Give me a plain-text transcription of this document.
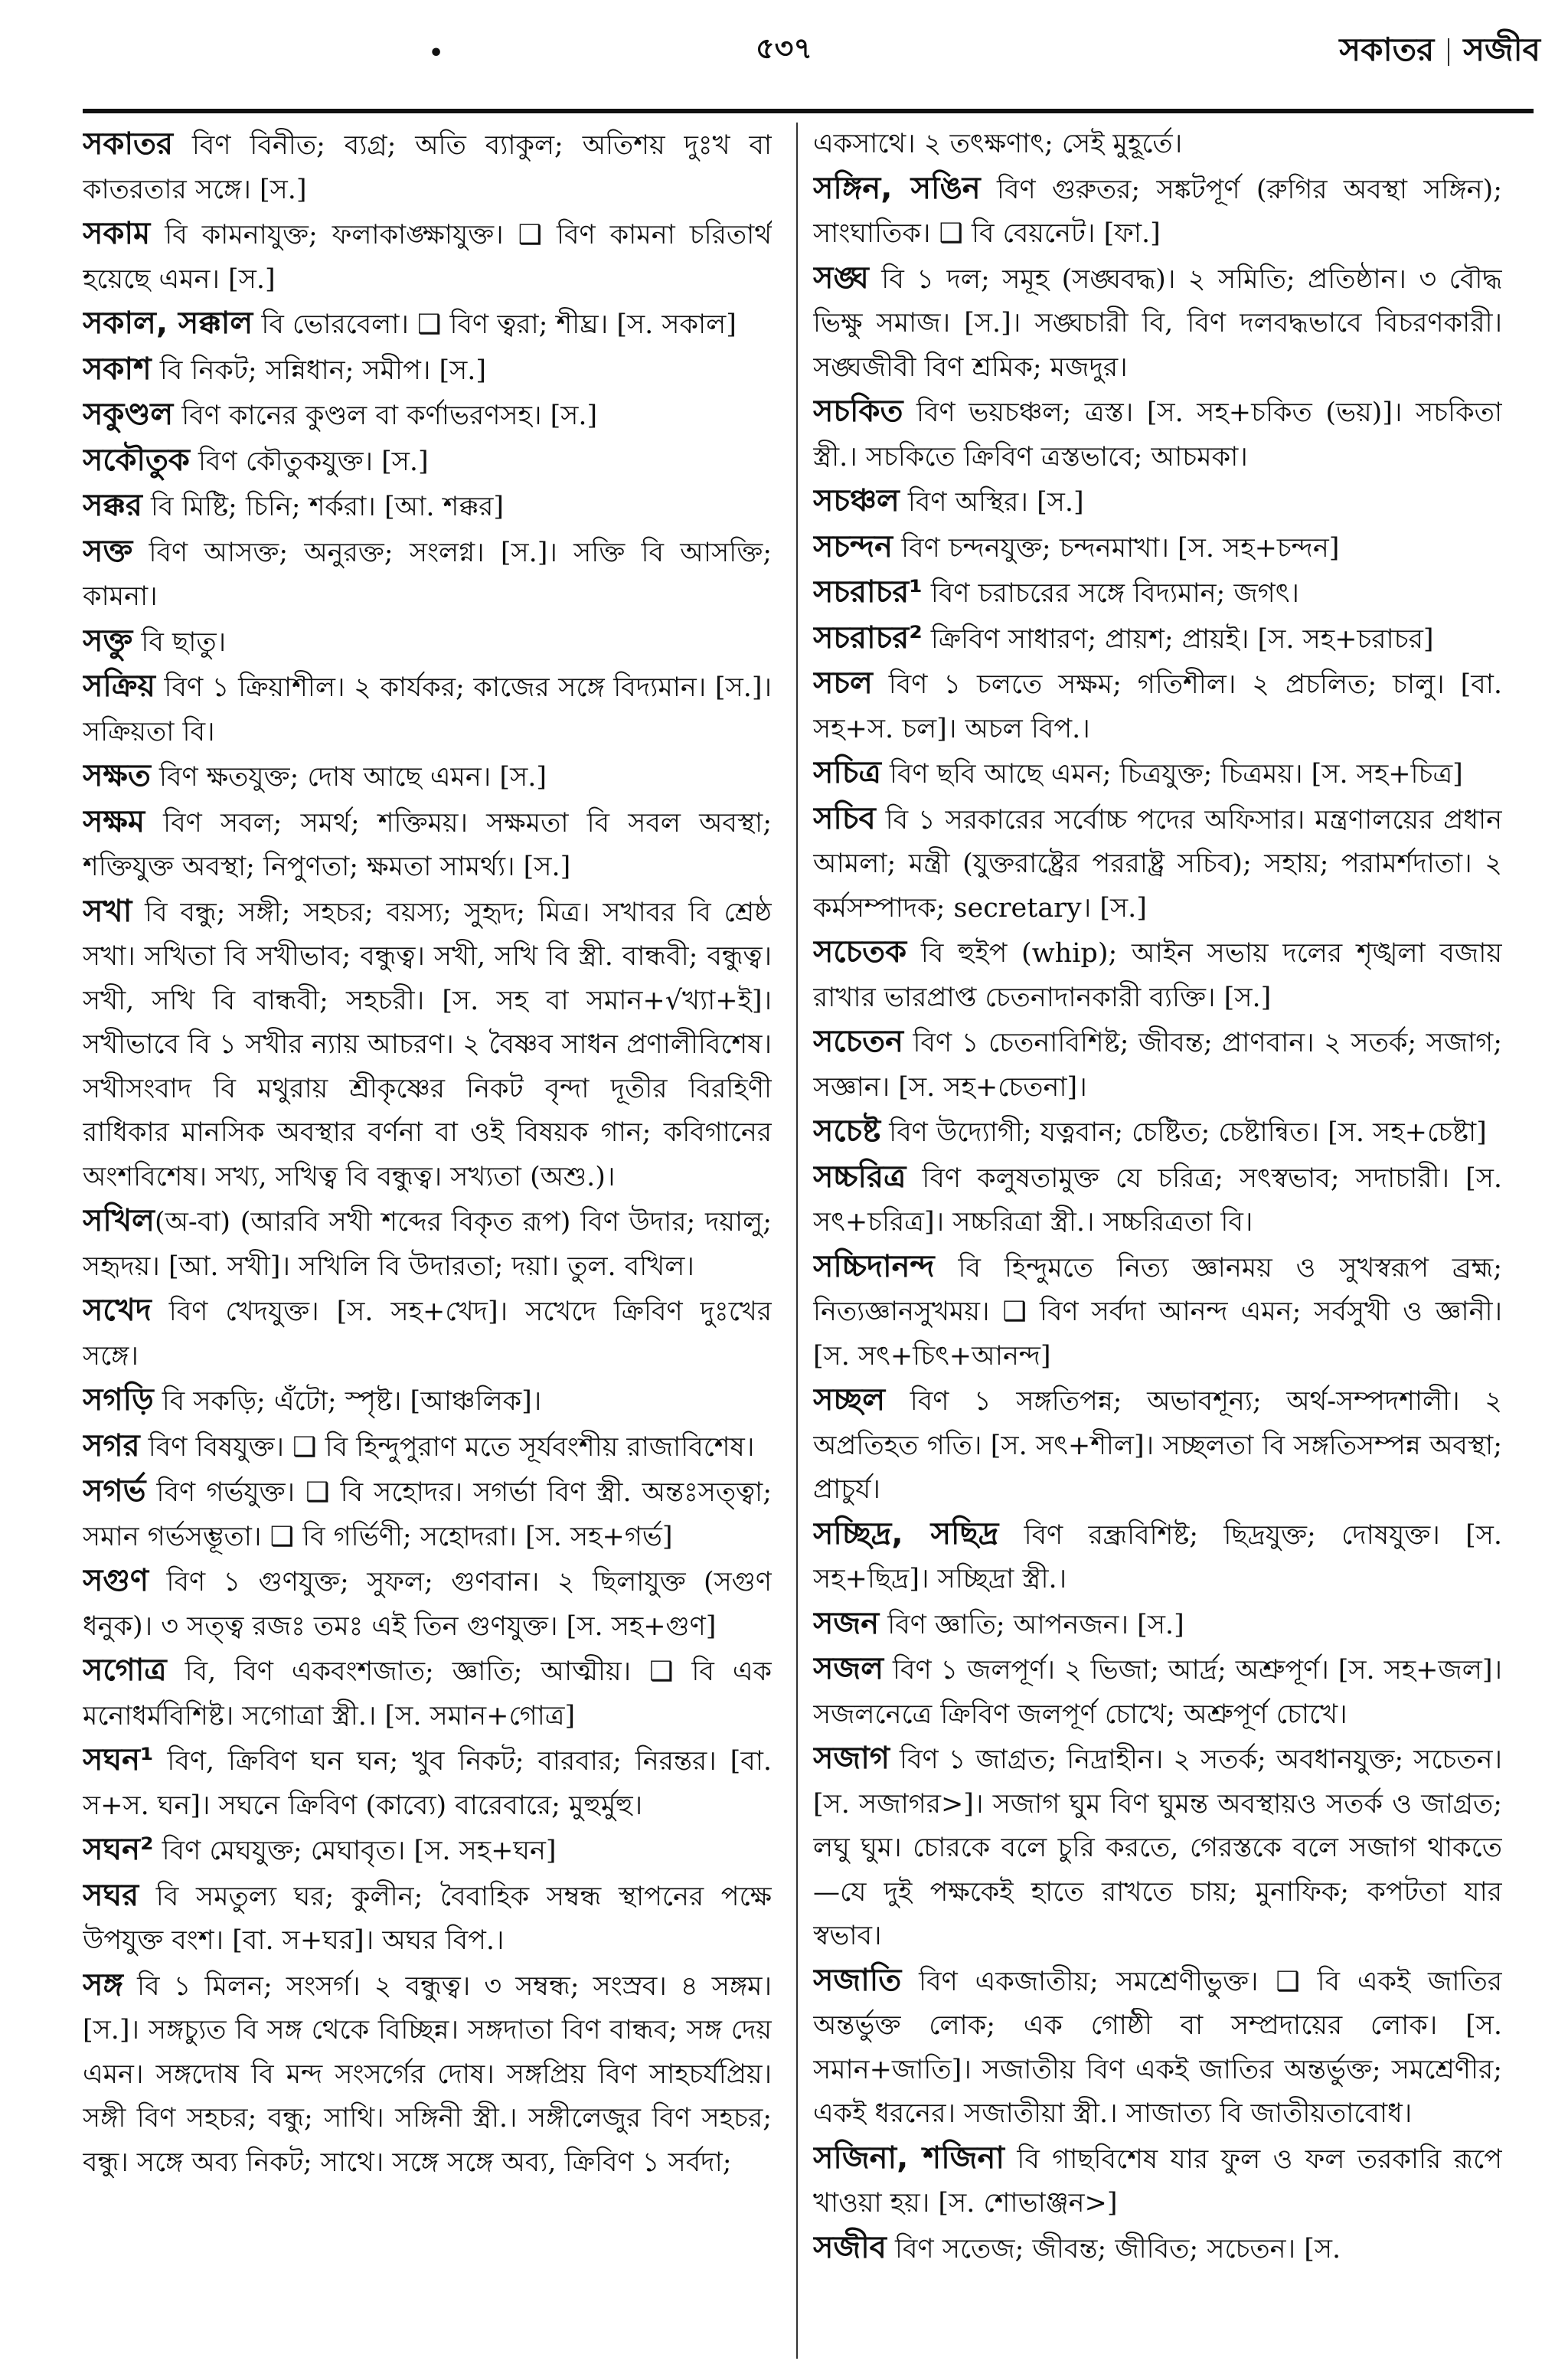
•	৫৩৭	সকাতর সজীব

সকাতর বিণ বিনীত; ব্যগ্র; অতি ব্যাকুল; অতিশয় দুঃখ বা কাতরতার সঙ্গে। [স.]

সকাম বি কামনাযুক্ত; ফলাকাঙ্ক্ষাযুক্ত। ❑ বিণ কামনা চরিতার্থ হয়েছে এমন। [স.]

সকাল, সক্কাল বি ভোরবেলা। ❑ বিণ ত্বরা; শীঘ্র। [স. সকাল]

সকাশ বি নিকট; সন্নিধান; সমীপ। [স.]

সকুণ্ডল বিণ কানের কুণ্ডল বা কর্ণাভরণসহ। [স.]

সকৌতুক বিণ কৌতুকযুক্ত। [স.]

সক্কর বি মিষ্টি; চিনি; শর্করা। [আ. শক্কর]

সক্ত বিণ আসক্ত; অনুরক্ত; সংলগ্ন। [স.]। সক্তি বি আসক্তি; কামনা।

সক্তু বি ছাতু।

সক্রিয় বিণ ১ ক্রিয়াশীল। ২ কার্যকর; কাজের সঙ্গে বিদ্যমান। [স.]। সক্রিয়তা বি।

সক্ষত বিণ ক্ষতযুক্ত; দোষ আছে এমন। [স.]

সক্ষম বিণ সবল; সমর্থ; শক্তিময়। সক্ষমতা বি সবল অবস্থা; শক্তিযুক্ত অবস্থা; নিপুণতা; ক্ষমতা সামর্থ্য। [স.]

সখা বি বন্ধু; সঙ্গী; সহচর; বয়স্য; সুহৃদ; মিত্র। সখাবর বি শ্রেষ্ঠ সখা। সখিতা বি সখীভাব; বন্ধুত্ব। সখী, সখি বি স্ত্রী. বান্ধবী; বন্ধুত্ব। সখী, সখি বি বান্ধবী; সহচরী। [স. সহ বা সমান+√খ্যা+ই]। সখীভাবে বি ১ সখীর ন্যায় আচরণ। ২ বৈষ্ণব সাধন প্রণালীবিশেষ। সখীসংবাদ বি মথুরায় শ্রীকৃষ্ণের নিকট বৃন্দা দূতীর বিরহিণী রাধিকার মানসিক অবস্থার বর্ণনা বা ওই বিষয়ক গান; কবিগানের অংশবিশেষ। সখ্য, সখিত্ব বি বন্ধুত্ব। সখ্যতা (অশু.)।

সখিল(অ-বা) (আরবি সখী শব্দের বিকৃত রূপ) বিণ উদার; দয়ালু; সহৃদয়। [আ. সখী]। সখিলি বি উদারতা; দয়া। তুল. বখিল।

সখেদ বিণ খেদযুক্ত। [স. সহ+খেদ]। সখেদে ক্রিবিণ দুঃখের সঙ্গে।

সগড়ি বি সকড়ি; এঁটো; স্পৃষ্ট। [আঞ্চলিক]।

সগর বিণ বিষযুক্ত। ❑ বি হিন্দুপুরাণ মতে সূর্যবংশীয় রাজাবিশেষ।

সগর্ভ বিণ গর্ভযুক্ত। ❑ বি সহোদর। সগর্ভা বিণ স্ত্রী. অন্তঃসত্ত্বা; সমান গর্ভসম্ভূতা। ❑ বি গর্ভিণী; সহোদরা। [স. সহ+গর্ভ]

সগুণ বিণ ১ গুণযুক্ত; সুফল; গুণবান। ২ ছিলাযুক্ত (সগুণ ধনুক)। ৩ সত্ত্ব রজঃ তমঃ এই তিন গুণযুক্ত। [স. সহ+গুণ]

সগোত্র বি, বিণ একবংশজাত; জ্ঞাতি; আত্মীয়। ❑ বি এক মনোধর্মবিশিষ্ট। সগোত্রা স্ত্রী.। [স. সমান+গোত্র]

সঘন¹ বিণ, ক্রিবিণ ঘন ঘন; খুব নিকট; বারবার; নিরন্তর। [বা. স+স. ঘন]। সঘনে ক্রিবিণ (কাব্যে) বারেবারে; মুহুর্মুহু।

সঘন² বিণ মেঘযুক্ত; মেঘাবৃত। [স. সহ+ঘন]

সঘর বি সমতুল্য ঘর; কুলীন; বৈবাহিক সম্বন্ধ স্থাপনের পক্ষে উপযুক্ত বংশ। [বা. স+ঘর]। অঘর বিপ.।

সঙ্গ বি ১ মিলন; সংসর্গ। ২ বন্ধুত্ব। ৩ সম্বন্ধ; সংস্রব। ৪ সঙ্গম। [স.]। সঙ্গচ্যুত বি সঙ্গ থেকে বিচ্ছিন্ন। সঙ্গদাতা বিণ বান্ধব; সঙ্গ দেয় এমন। সঙ্গদোষ বি মন্দ সংসর্গের দোষ। সঙ্গপ্রিয় বিণ সাহচর্যপ্রিয়। সঙ্গী বিণ সহচর; বন্ধু; সাথি। সঙ্গিনী স্ত্রী.। সঙ্গীলেজুর বিণ সহচর; বন্ধু। সঙ্গে অব্য নিকট; সাথে। সঙ্গে সঙ্গে অব্য, ক্রিবিণ ১ সর্বদা;

একসাথে। ২ তৎক্ষণাৎ; সেই মুহূর্তে।

সঙ্গিন, সঙিন বিণ গুরুতর; সঙ্কটপূর্ণ (রুগির অবস্থা সঙ্গিন); সাংঘাতিক। ❑ বি বেয়নেট। [ফা.]

সঙ্ঘ বি ১ দল; সমূহ (সঙ্ঘবদ্ধ)। ২ সমিতি; প্রতিষ্ঠান। ৩ বৌদ্ধ ভিক্ষু সমাজ। [স.]। সঙ্ঘচারী বি, বিণ দলবদ্ধভাবে বিচরণকারী। সঙ্ঘজীবী বিণ শ্রমিক; মজদুর।

সচকিত বিণ ভয়চঞ্চল; ত্রস্ত। [স. সহ+চকিত (ভয়)]। সচকিতা স্ত্রী.। সচকিতে ক্রিবিণ ত্রস্তভাবে; আচমকা।

সচঞ্চল বিণ অস্থির। [স.]

সচন্দন বিণ চন্দনযুক্ত; চন্দনমাখা। [স. সহ+চন্দন]

সচরাচর¹ বিণ চরাচরের সঙ্গে বিদ্যমান; জগৎ।

সচরাচর² ক্রিবিণ সাধারণ; প্রায়শ; প্রায়ই। [স. সহ+চরাচর]

সচল বিণ ১ চলতে সক্ষম; গতিশীল। ২ প্রচলিত; চালু। [বা. সহ+স. চল]। অচল বিপ.।

সচিত্র বিণ ছবি আছে এমন; চিত্রযুক্ত; চিত্রময়। [স. সহ+চিত্র]

সচিব বি ১ সরকারের সর্বোচ্চ পদের অফিসার। মন্ত্রণালয়ের প্রধান আমলা; মন্ত্রী (যুক্তরাষ্ট্রের পররাষ্ট্র সচিব); সহায়; পরামর্শদাতা। ২ কর্মসম্পাদক; secretary। [স.]

সচেতক বি হুইপ (whip); আইন সভায় দলের শৃঙ্খলা বজায় রাখার ভারপ্রাপ্ত চেতনাদানকারী ব্যক্তি। [স.]

সচেতন বিণ ১ চেতনাবিশিষ্ট; জীবন্ত; প্রাণবান। ২ সতর্ক; সজাগ; সজ্ঞান। [স. সহ+চেতনা]।

সচেষ্ট বিণ উদ্যোগী; যত্নবান; চেষ্টিত; চেষ্টান্বিত। [স. সহ+চেষ্টা]

সচ্চরিত্র বিণ কলুষতামুক্ত যে চরিত্র; সৎস্বভাব; সদাচারী। [স. সৎ+চরিত্র]। সচ্চরিত্রা স্ত্রী.। সচ্চরিত্রতা বি।

সচ্চিদানন্দ বি হিন্দুমতে নিত্য জ্ঞানময় ও সুখস্বরূপ ব্রহ্ম; নিত্যজ্ঞানসুখময়। ❑ বিণ সর্বদা আনন্দ এমন; সর্বসুখী ও জ্ঞানী। [স. সৎ+চিৎ+আনন্দ]

সচ্ছল বিণ ১ সঙ্গতিপন্ন; অভাবশূন্য; অর্থ-সম্পদশালী। ২ অপ্রতিহত গতি। [স. সৎ+শীল]। সচ্ছলতা বি সঙ্গতিসম্পন্ন অবস্থা; প্রাচুর্য।

সচ্ছিদ্র, সছিদ্র বিণ রন্ধ্রবিশিষ্ট; ছিদ্রযুক্ত; দোষযুক্ত। [স. সহ+ছিদ্র]। সচ্ছিদ্রা স্ত্রী.।

সজন বিণ জ্ঞাতি; আপনজন। [স.]

সজল বিণ ১ জলপূর্ণ। ২ ভিজা; আর্দ্র; অশ্রুপূর্ণ। [স. সহ+জল]। সজলনেত্রে ক্রিবিণ জলপূর্ণ চোখে; অশ্রুপূর্ণ চোখে।

সজাগ বিণ ১ জাগ্রত; নিদ্রাহীন। ২ সতর্ক; অবধানযুক্ত; সচেতন। [স. সজাগর>]। সজাগ ঘুম বিণ ঘুমন্ত অবস্থায়ও সতর্ক ও জাগ্রত; লঘু ঘুম। চোরকে বলে চুরি করতে, গেরস্তকে বলে সজাগ থাকতে—যে দুই পক্ষকেই হাতে রাখতে চায়; মুনাফিক; কপটতা যার স্বভাব।

সজাতি বিণ একজাতীয়; সমশ্রেণীভুক্ত। ❑ বি একই জাতির অন্তর্ভুক্ত লোক; এক গোষ্ঠী বা সম্প্রদায়ের লোক। [স. সমান+জাতি]। সজাতীয় বিণ একই জাতির অন্তর্ভুক্ত; সমশ্রেণীর; একই ধরনের। সজাতীয়া স্ত্রী.। সাজাত্য বি জাতীয়তাবোধ।

সজিনা, শজিনা বি গাছবিশেষ যার ফুল ও ফল তরকারি রূপে খাওয়া হয়। [স. শোভাঞ্জন>]

সজীব বিণ সতেজ; জীবন্ত; জীবিত; সচেতন। [স.
